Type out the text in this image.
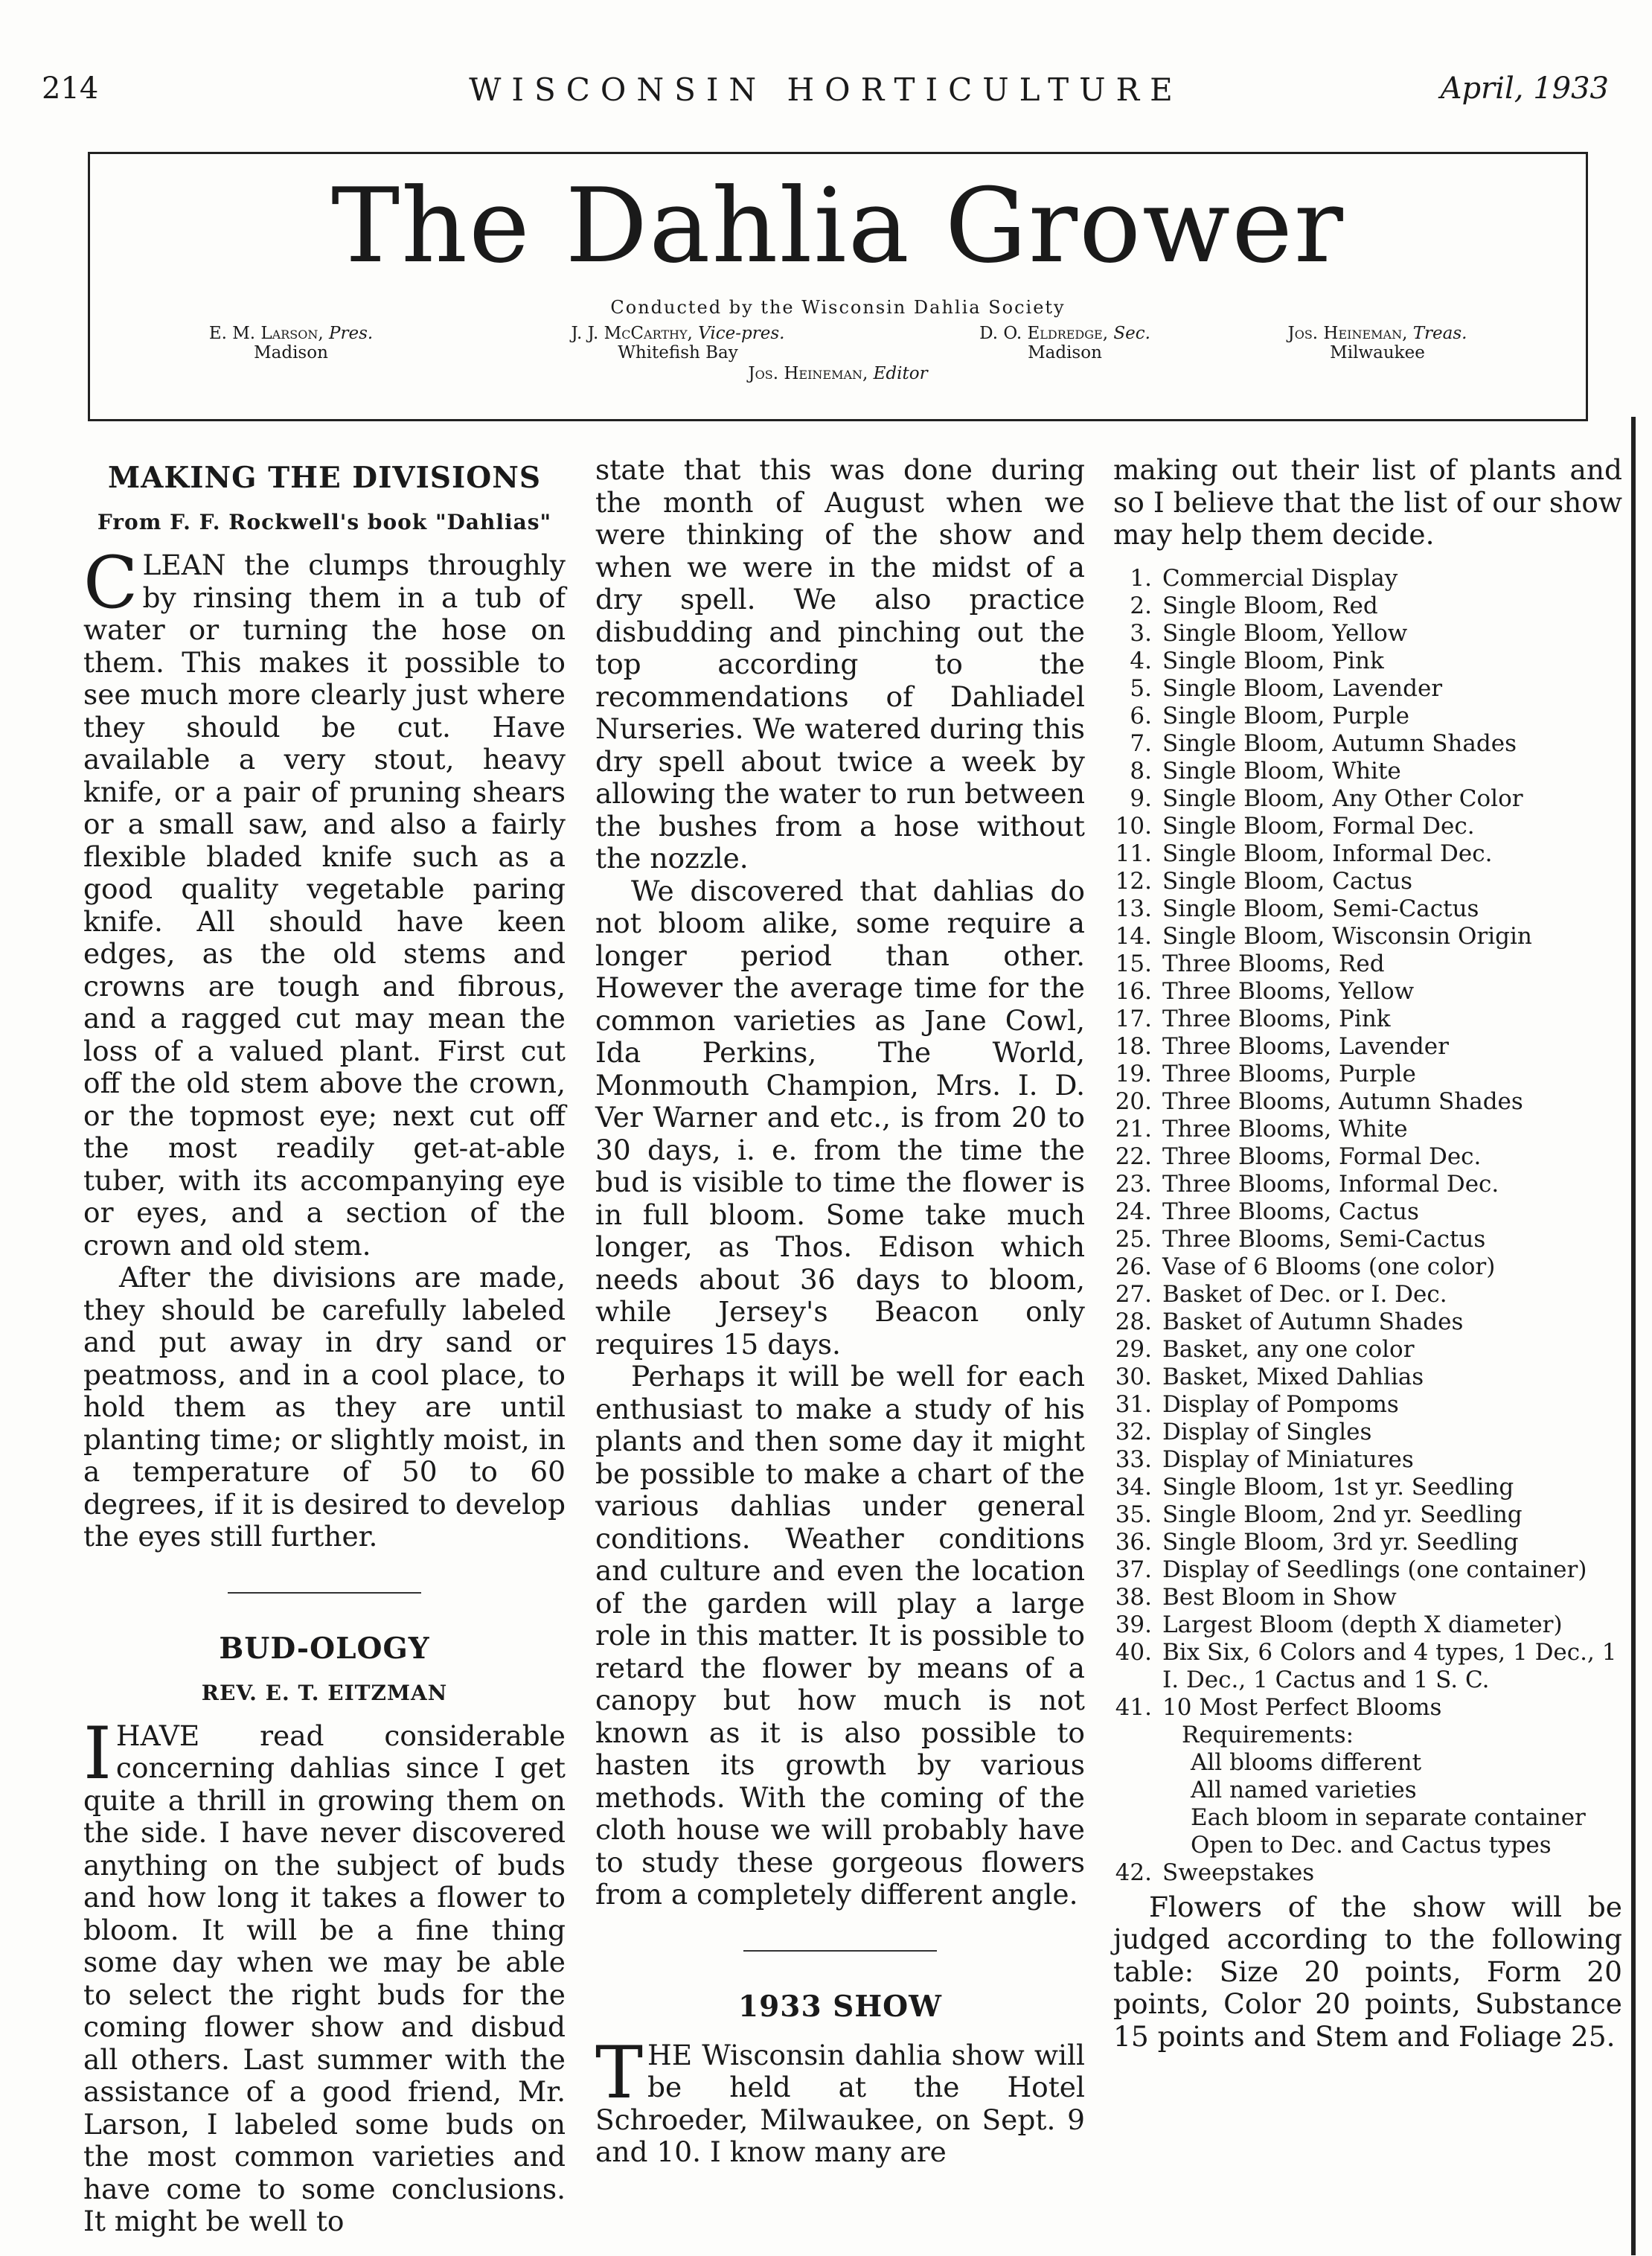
214	WISCONSIN HORTICULTURE	April, 1933
The Dahlia Grower
Conducted by the Wisconsin Dahlia Society
E. M. Larson, Pres.
Madison
J. J. McCarthy, Vice-pres.
Whitefish Bay
D. O. Eldredge, Sec.
Madison
Jos. Heineman, Treas.
Milwaukee
Jos. Heineman, Editor
MAKING THE DIVISIONS
From F. F. Rockwell's book "Dahlias"

CLEAN the clumps throughly by rinsing them in a tub of water or turning the hose on them. This makes it possible to see much more clearly just where they should be cut. Have available a very stout, heavy knife, or a pair of pruning shears or a small saw, and also a fairly flexible bladed knife such as a good quality vegetable paring knife. All should have keen edges, as the old stems and crowns are tough and fibrous, and a ragged cut may mean the loss of a valued plant. First cut off the old stem above the crown, or the topmost eye; next cut off the most readily get-at-able tuber, with its accompanying eye or eyes, and a section of the crown and old stem.

After the divisions are made, they should be carefully labeled and put away in dry sand or peatmoss, and in a cool place, to hold them as they are until planting time; or slightly moist, in a temperature of 50 to 60 degrees, if it is desired to develop the eyes still further.

BUD-OLOGY
REV. E. T. EITZMAN

IHAVE read considerable concerning dahlias since I get quite a thrill in growing them on the side. I have never discovered anything on the subject of buds and how long it takes a flower to bloom. It will be a fine thing some day when we may be able to select the right buds for the coming flower show and disbud all others. Last summer with the assistance of a good friend, Mr. Larson, I labeled some buds on the most common varieties and have come to some conclusions. It might be well to

state that this was done during the month of August when we were thinking of the show and when we were in the midst of a dry spell. We also practice disbudding and pinching out the top according to the recommendations of Dahliadel Nurseries. We watered during this dry spell about twice a week by allowing the water to run between the bushes from a hose without the nozzle.

We discovered that dahlias do not bloom alike, some require a longer period than other. However the average time for the common varieties as Jane Cowl, Ida Perkins, The World, Monmouth Champion, Mrs. I. D. Ver Warner and etc., is from 20 to 30 days, i. e. from the time the bud is visible to time the flower is in full bloom. Some take much longer, as Thos. Edison which needs about 36 days to bloom, while Jersey's Beacon only requires 15 days.

Perhaps it will be well for each enthusiast to make a study of his plants and then some day it might be possible to make a chart of the various dahlias under general conditions. Weather conditions and culture and even the location of the garden will play a large role in this matter. It is possible to retard the flower by means of a canopy but how much is not known as it is also possible to hasten its growth by various methods. With the coming of the cloth house we will probably have to study these gorgeous flowers from a completely different angle.

1933 SHOW

THE Wisconsin dahlia show will be held at the Hotel Schroeder, Milwaukee, on Sept. 9 and 10. I know many are

making out their list of plants and so I believe that the list of our show may help them decide.

1. Commercial Display
2. Single Bloom, Red
3. Single Bloom, Yellow
4. Single Bloom, Pink
5. Single Bloom, Lavender
6. Single Bloom, Purple
7. Single Bloom, Autumn Shades
8. Single Bloom, White
9. Single Bloom, Any Other Color
10. Single Bloom, Formal Dec.
11. Single Bloom, Informal Dec.
12. Single Bloom, Cactus
13. Single Bloom, Semi-Cactus
14. Single Bloom, Wisconsin Origin
15. Three Blooms, Red
16. Three Blooms, Yellow
17. Three Blooms, Pink
18. Three Blooms, Lavender
19. Three Blooms, Purple
20. Three Blooms, Autumn Shades
21. Three Blooms, White
22. Three Blooms, Formal Dec.
23. Three Blooms, Informal Dec.
24. Three Blooms, Cactus
25. Three Blooms, Semi-Cactus
26. Vase of 6 Blooms (one color)
27. Basket of Dec. or I. Dec.
28. Basket of Autumn Shades
29. Basket, any one color
30. Basket, Mixed Dahlias
31. Display of Pompoms
32. Display of Singles
33. Display of Miniatures
34. Single Bloom, 1st yr. Seedling
35. Single Bloom, 2nd yr. Seedling
36. Single Bloom, 3rd yr. Seedling
37. Display of Seedlings (one container)
38. Best Bloom in Show
39. Largest Bloom (depth X diameter)
40. Bix Six, 6 Colors and 4 types, 1 Dec., 1 I. Dec., 1 Cactus and 1 S. C.
41. 10 Most Perfect Blooms
Requirements:
All blooms different
All named varieties
Each bloom in separate container
Open to Dec. and Cactus types
42. Sweepstakes

Flowers of the show will be judged according to the following table: Size 20 points, Form 20 points, Color 20 points, Substance 15 points and Stem and Foliage 25.
